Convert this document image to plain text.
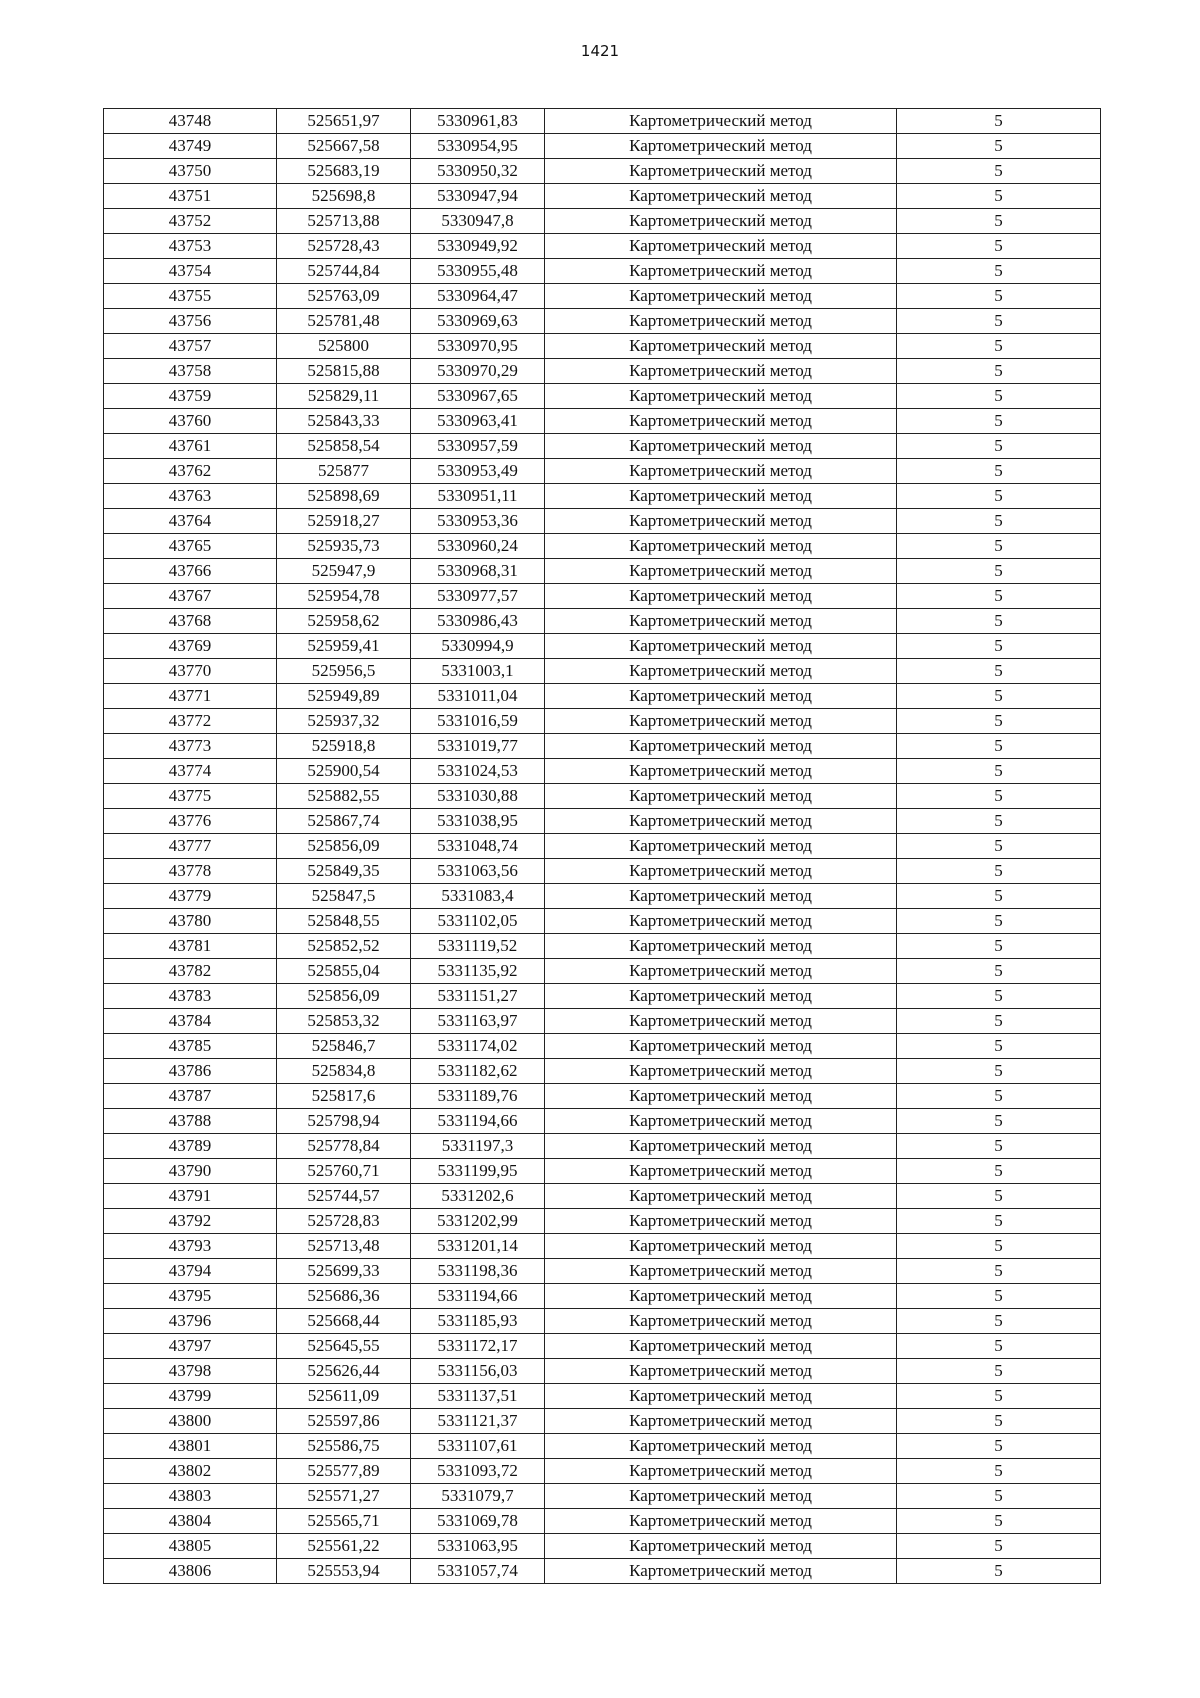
1421
43748	525651,97	5330961,83	Картометрический метод	5
43749	525667,58	5330954,95	Картометрический метод	5
43750	525683,19	5330950,32	Картометрический метод	5
43751	525698,8	5330947,94	Картометрический метод	5
43752	525713,88	5330947,8	Картометрический метод	5
43753	525728,43	5330949,92	Картометрический метод	5
43754	525744,84	5330955,48	Картометрический метод	5
43755	525763,09	5330964,47	Картометрический метод	5
43756	525781,48	5330969,63	Картометрический метод	5
43757	525800	5330970,95	Картометрический метод	5
43758	525815,88	5330970,29	Картометрический метод	5
43759	525829,11	5330967,65	Картометрический метод	5
43760	525843,33	5330963,41	Картометрический метод	5
43761	525858,54	5330957,59	Картометрический метод	5
43762	525877	5330953,49	Картометрический метод	5
43763	525898,69	5330951,11	Картометрический метод	5
43764	525918,27	5330953,36	Картометрический метод	5
43765	525935,73	5330960,24	Картометрический метод	5
43766	525947,9	5330968,31	Картометрический метод	5
43767	525954,78	5330977,57	Картометрический метод	5
43768	525958,62	5330986,43	Картометрический метод	5
43769	525959,41	5330994,9	Картометрический метод	5
43770	525956,5	5331003,1	Картометрический метод	5
43771	525949,89	5331011,04	Картометрический метод	5
43772	525937,32	5331016,59	Картометрический метод	5
43773	525918,8	5331019,77	Картометрический метод	5
43774	525900,54	5331024,53	Картометрический метод	5
43775	525882,55	5331030,88	Картометрический метод	5
43776	525867,74	5331038,95	Картометрический метод	5
43777	525856,09	5331048,74	Картометрический метод	5
43778	525849,35	5331063,56	Картометрический метод	5
43779	525847,5	5331083,4	Картометрический метод	5
43780	525848,55	5331102,05	Картометрический метод	5
43781	525852,52	5331119,52	Картометрический метод	5
43782	525855,04	5331135,92	Картометрический метод	5
43783	525856,09	5331151,27	Картометрический метод	5
43784	525853,32	5331163,97	Картометрический метод	5
43785	525846,7	5331174,02	Картометрический метод	5
43786	525834,8	5331182,62	Картометрический метод	5
43787	525817,6	5331189,76	Картометрический метод	5
43788	525798,94	5331194,66	Картометрический метод	5
43789	525778,84	5331197,3	Картометрический метод	5
43790	525760,71	5331199,95	Картометрический метод	5
43791	525744,57	5331202,6	Картометрический метод	5
43792	525728,83	5331202,99	Картометрический метод	5
43793	525713,48	5331201,14	Картометрический метод	5
43794	525699,33	5331198,36	Картометрический метод	5
43795	525686,36	5331194,66	Картометрический метод	5
43796	525668,44	5331185,93	Картометрический метод	5
43797	525645,55	5331172,17	Картометрический метод	5
43798	525626,44	5331156,03	Картометрический метод	5
43799	525611,09	5331137,51	Картометрический метод	5
43800	525597,86	5331121,37	Картометрический метод	5
43801	525586,75	5331107,61	Картометрический метод	5
43802	525577,89	5331093,72	Картометрический метод	5
43803	525571,27	5331079,7	Картометрический метод	5
43804	525565,71	5331069,78	Картометрический метод	5
43805	525561,22	5331063,95	Картометрический метод	5
43806	525553,94	5331057,74	Картометрический метод	5
